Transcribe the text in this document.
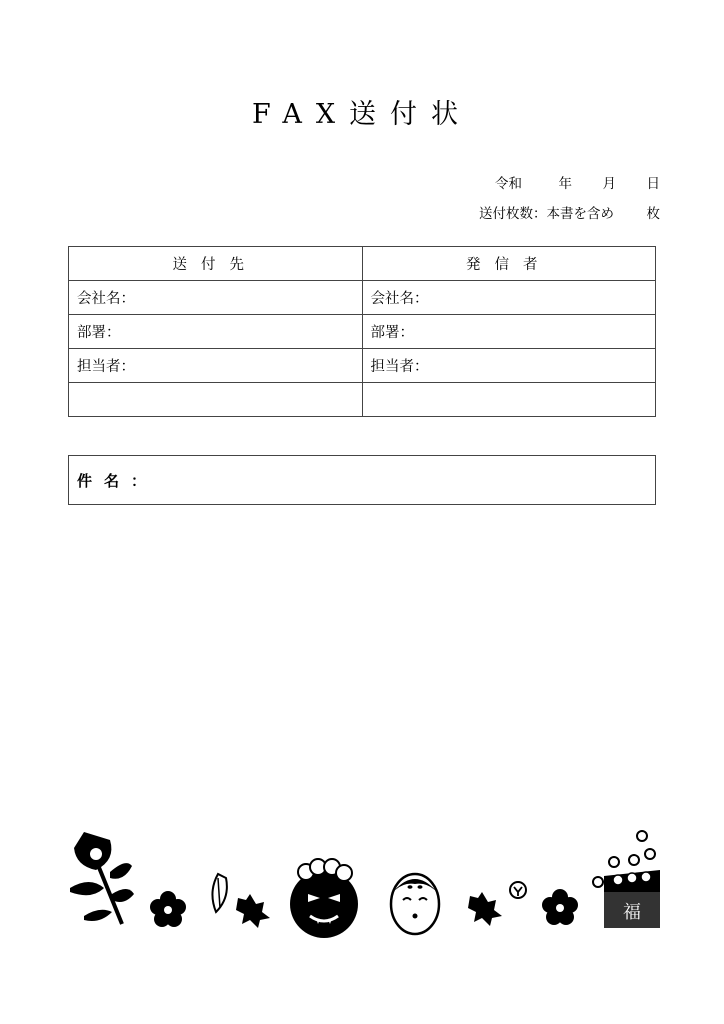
FAX送付状
令和	年 月 日
送付枚数：本書を含め 枚
送付先	発信者
会社名：	会社名：
部署：	部署：
担当者：	担当者：

件名：
福
